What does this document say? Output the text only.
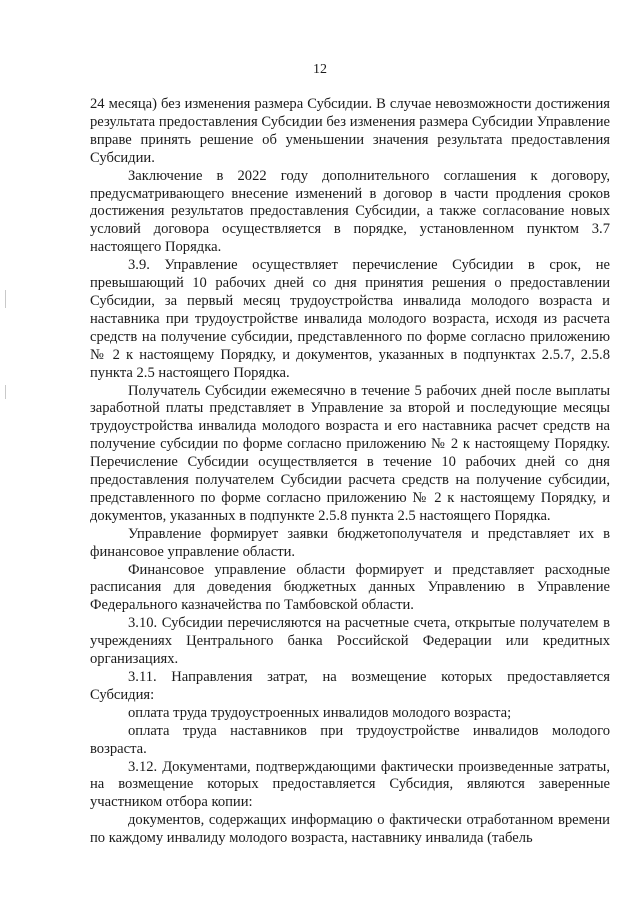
12

24 месяца) без изменения размера Субсидии. В случае невозможности достижения результата предоставления Субсидии без изменения размера Субсидии Управление вправе принять решение об уменьшении значения результата предоставления Субсидии.

Заключение в 2022 году дополнительного соглашения к договору, предусматривающего внесение изменений в договор в части продления сроков достижения результатов предоставления Субсидии, а также согласование новых условий договора осуществляется в порядке, установленном пунктом 3.7 настоящего Порядка.

3.9. Управление осуществляет перечисление Субсидии в срок, не превышающий 10 рабочих дней со дня принятия решения о предоставлении Субсидии, за первый месяц трудоустройства инвалида молодого возраста и наставника при трудоустройстве инвалида молодого возраста, исходя из расчета средств на получение субсидии, представленного по форме согласно приложению № 2 к настоящему Порядку, и документов, указанных в подпунктах 2.5.7, 2.5.8 пункта 2.5 настоящего Порядка.

Получатель Субсидии ежемесячно в течение 5 рабочих дней после выплаты заработной платы представляет в Управление за второй и последующие месяцы трудоустройства инвалида молодого возраста и его наставника расчет средств на получение субсидии по форме согласно приложению № 2 к настоящему Порядку. Перечисление Субсидии осуществляется в течение 10 рабочих дней со дня предоставления получателем Субсидии расчета средств на получение субсидии, представленного по форме согласно приложению № 2 к настоящему Порядку, и документов, указанных в подпункте 2.5.8 пункта 2.5 настоящего Порядка.

Управление формирует заявки бюджетополучателя и представляет их в финансовое управление области.

Финансовое управление области формирует и представляет расходные расписания для доведения бюджетных данных Управлению в Управление Федерального казначейства по Тамбовской области.

3.10. Субсидии перечисляются на расчетные счета, открытые получателем в учреждениях Центрального банка Российской Федерации или кредитных организациях.

3.11. Направления затрат, на возмещение которых предоставляется Субсидия:

оплата труда трудоустроенных инвалидов молодого возраста;

оплата труда наставников при трудоустройстве инвалидов молодого возраста.

3.12. Документами, подтверждающими фактически произведенные затраты, на возмещение которых предоставляется Субсидия, являются заверенные участником отбора копии:

документов, содержащих информацию о фактически отработанном времени по каждому инвалиду молодого возраста, наставнику инвалида (табель
